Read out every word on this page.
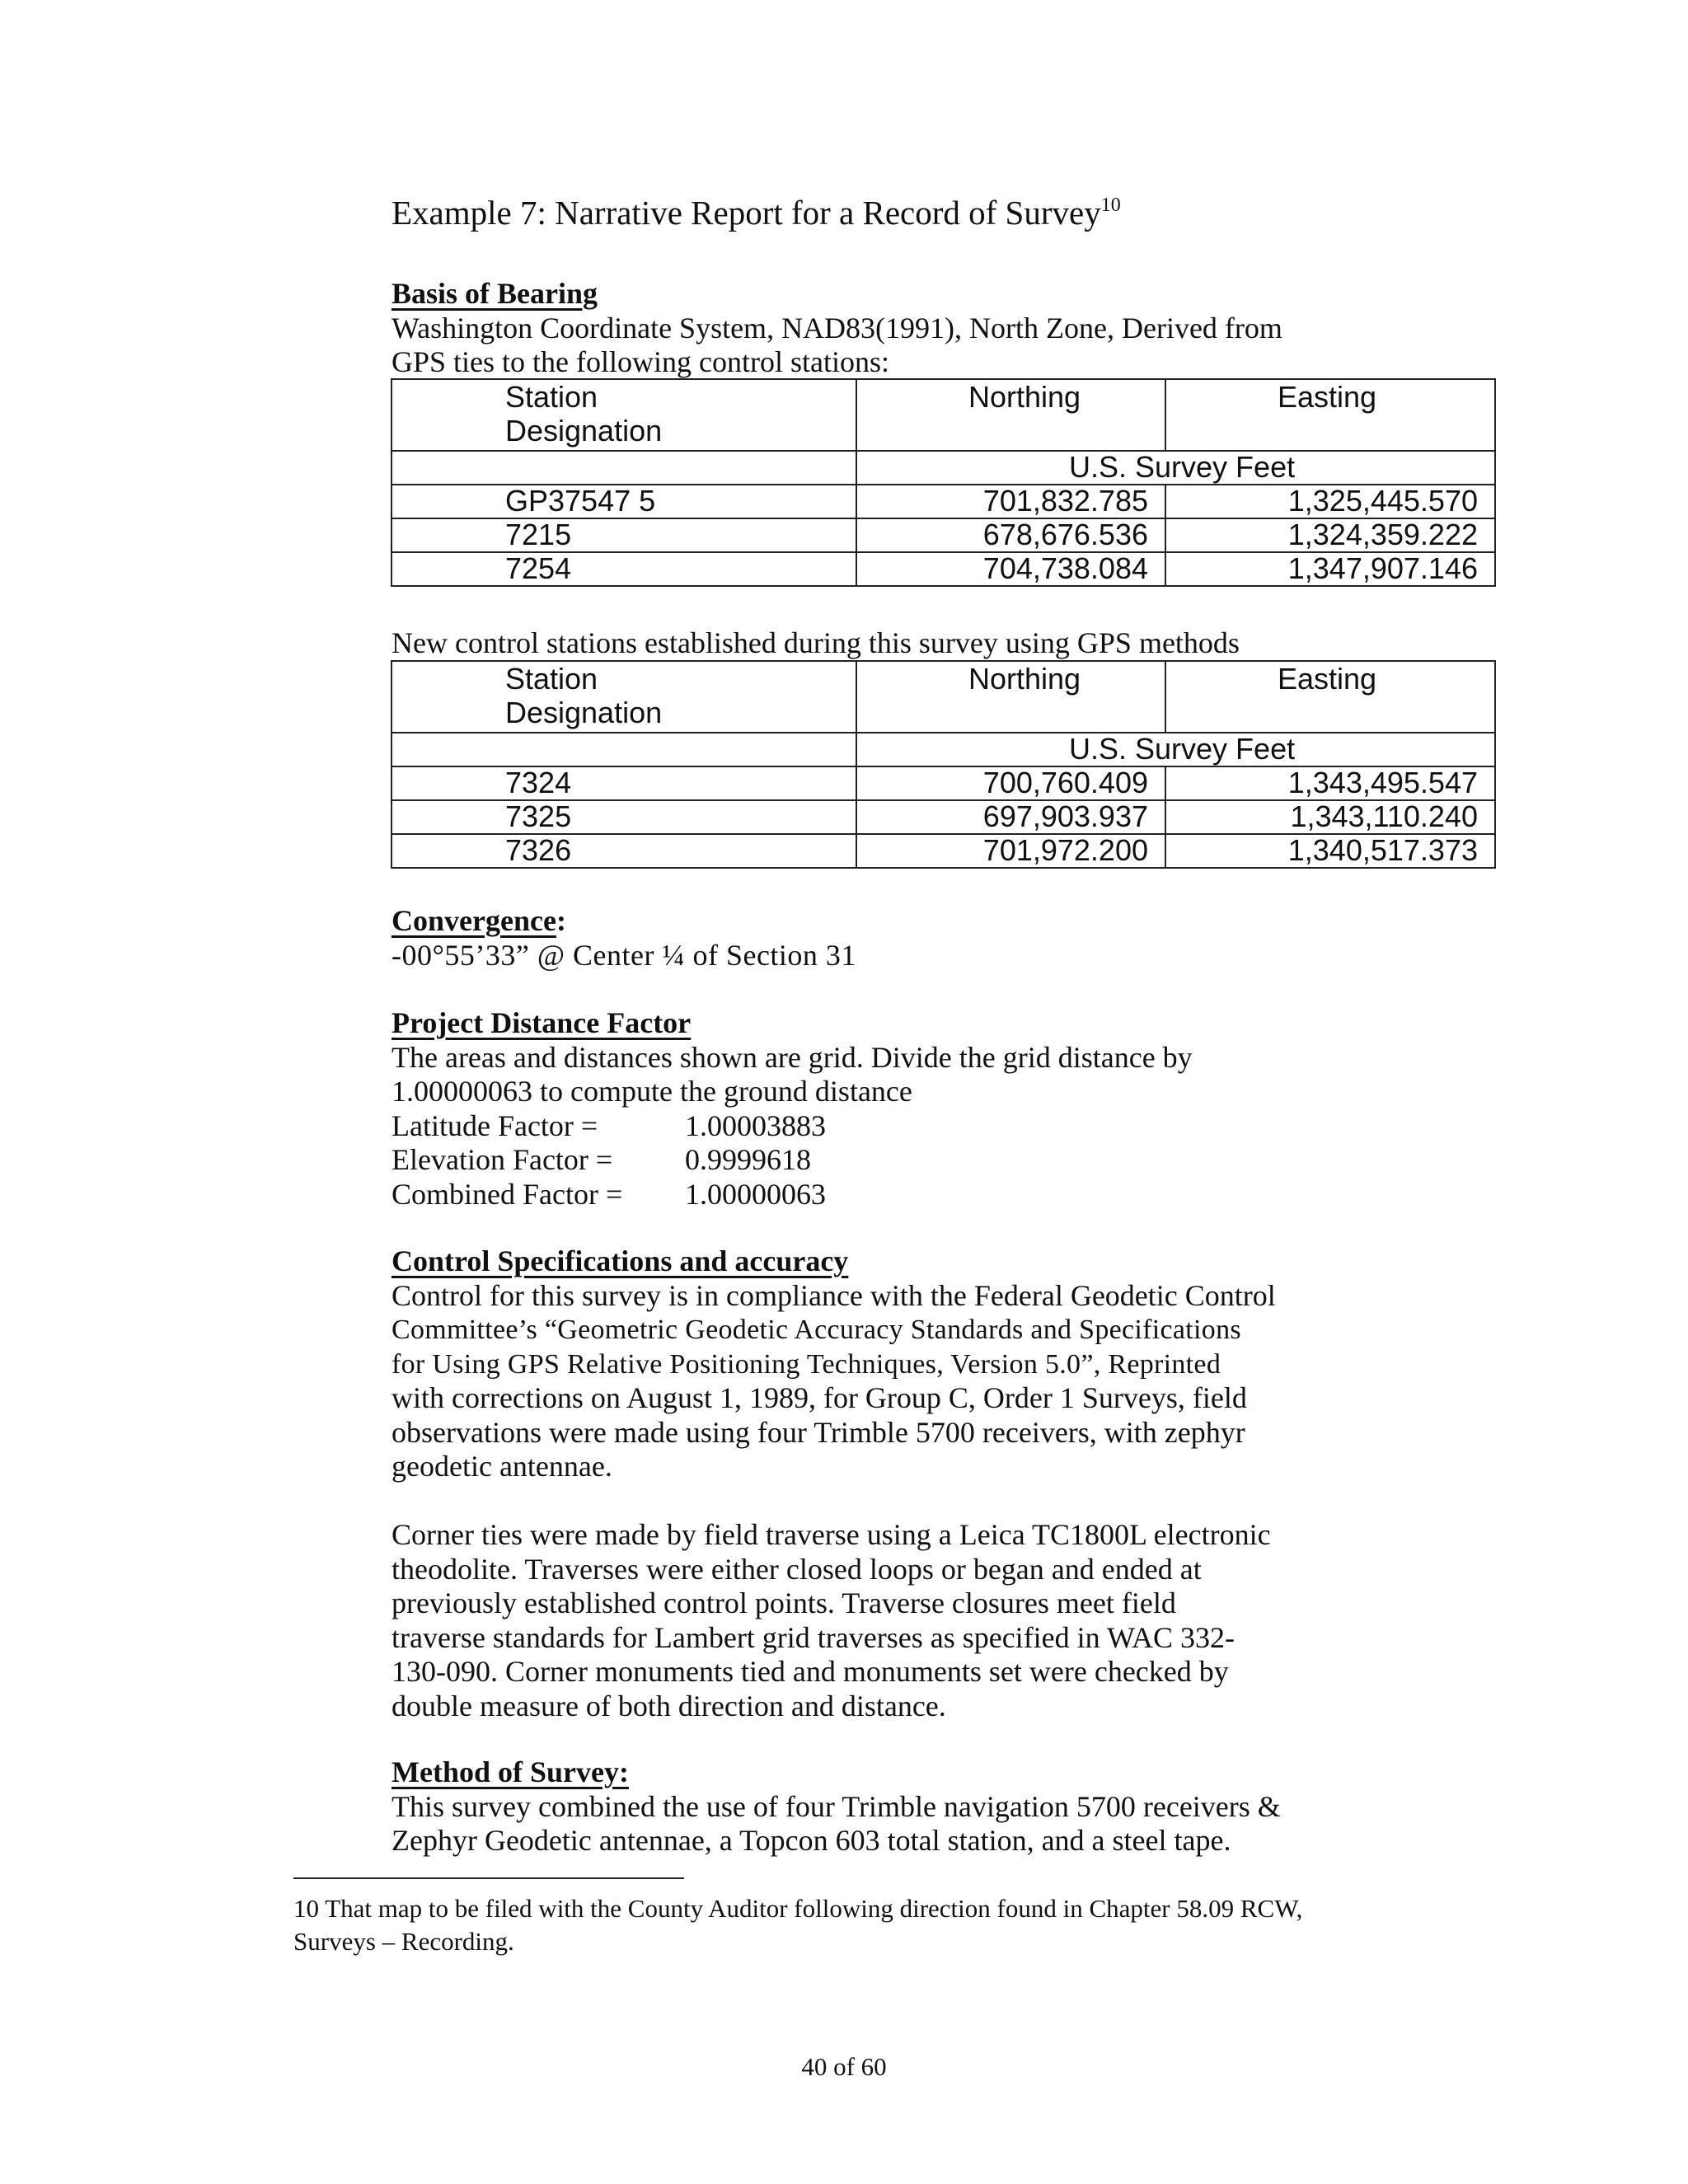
Example 7: Narrative Report for a Record of Survey$^{10}$
Basis of Bearing
Washington Coordinate System, NAD83(1991), North Zone, Derived from
GPS ties to the following control stations:
Station
Designation	Northing	Easting

	U.S. Survey Feet	
GP37547 5	701,832.785	1,325,445.570
7215	678,676.536	1,324,359.222
7254	704,738.084	1,347,907.146
New control stations established during this survey using GPS methods
Station
Designation	Northing	Easting

	U.S. Survey Feet	
7324	700,760.409	1,343,495.547
7325	697,903.937	1,343,110.240
7326	701,972.200	1,340,517.373
Convergence:
-00°55’33” @ Center ¼ of Section 31
Project Distance Factor
The areas and distances shown are grid. Divide the grid distance by
1.00000063 to compute the ground distance
Latitude Factor =	1.00003883
Elevation Factor = 0.9999618
Combined Factor = 1.00000063
Control Specifications and accuracy
Control for this survey is in compliance with the Federal Geodetic Control
Committee’s “Geometric Geodetic Accuracy Standards and Specifications
for Using GPS Relative Positioning Techniques, Version 5.0”, Reprinted
with corrections on August 1, 1989, for Group C, Order 1 Surveys, field
observations were made using four Trimble 5700 receivers, with zephyr
geodetic antennae.
Corner ties were made by field traverse using a Leica TC1800L electronic
theodolite. Traverses were either closed loops or began and ended at
previously established control points. Traverse closures meet field
traverse standards for Lambert grid traverses as specified in WAC 332-
130-090. Corner monuments tied and monuments set were checked by
double measure of both direction and distance.
Method of Survey:
This survey combined the use of four Trimble navigation 5700 receivers &
Zephyr Geodetic antennae, a Topcon 603 total station, and a steel tape.
10 That map to be filed with the County Auditor following direction found in Chapter 58.09 RCW,
Surveys – Recording.
40 of 60
